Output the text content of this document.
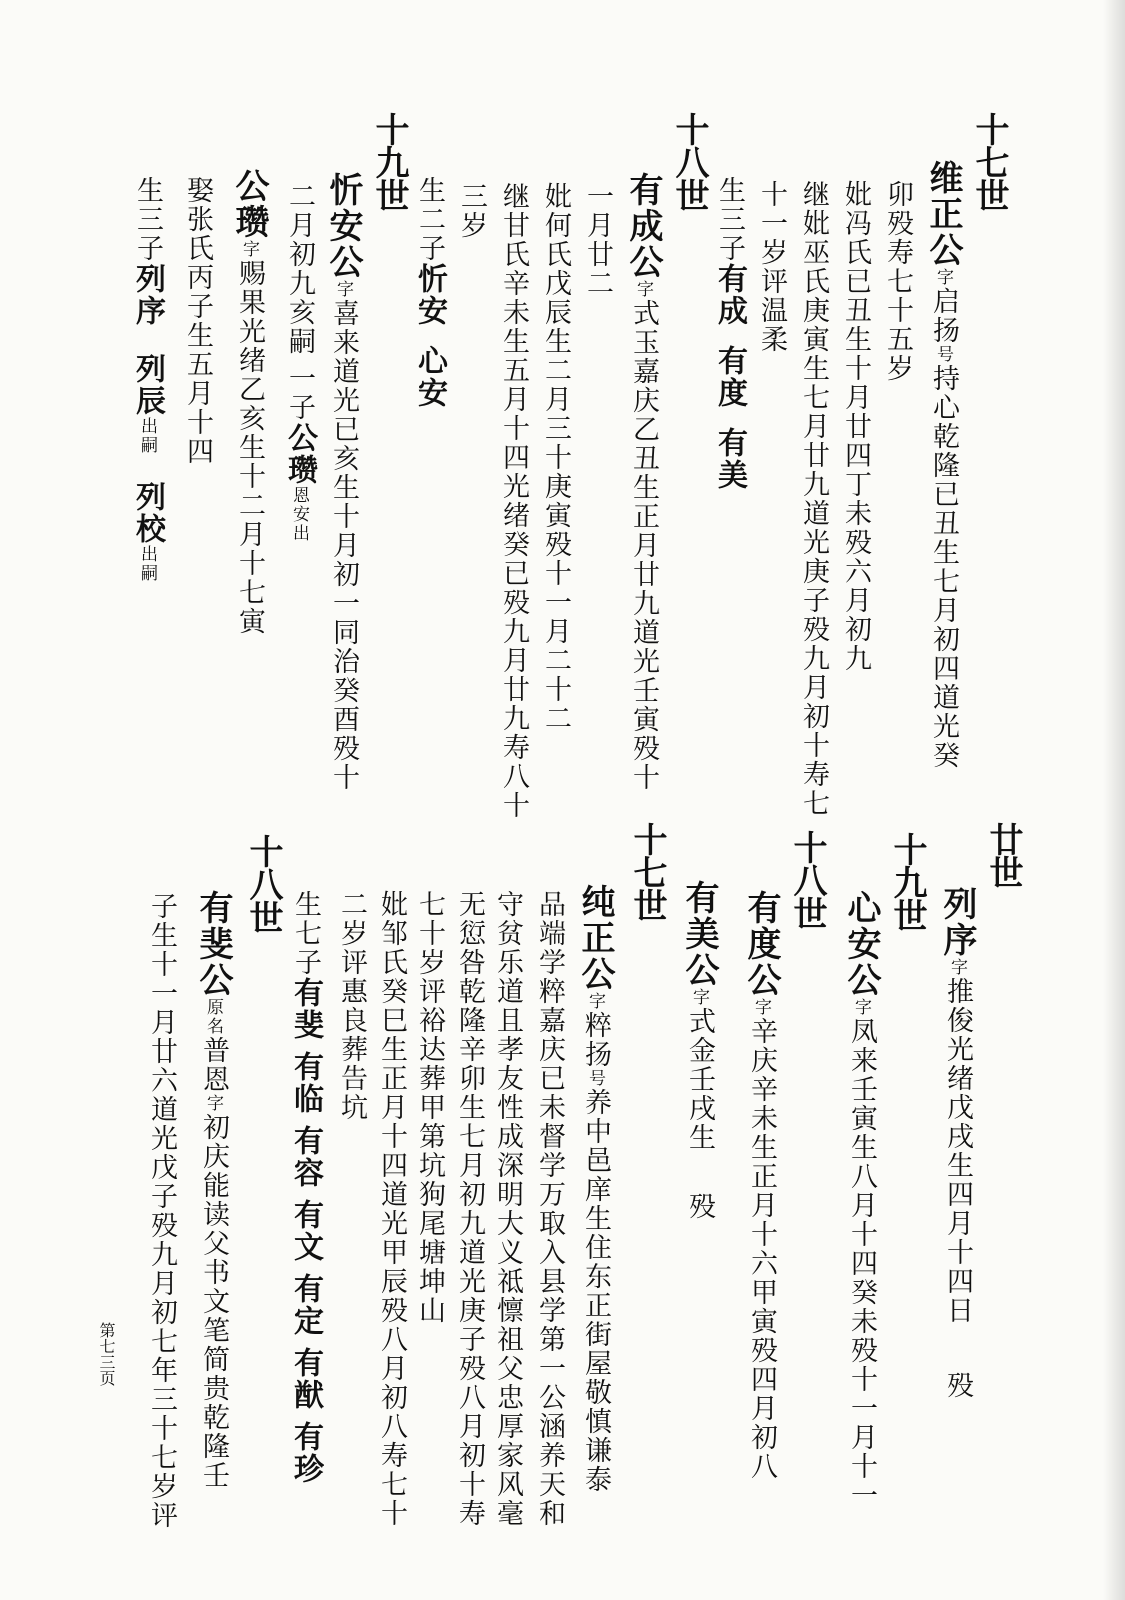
十七世
维正公字启扬号持心乾隆已丑生七月初四道光癸
卯殁寿七十五岁
妣冯氏已丑生十月廿四丁未殁六月初九
继妣巫氏庚寅生七月廿九道光庚子殁九月初十寿七
十一岁评温柔
生三子有成有度有美
十八世
有成公字式玉嘉庆乙丑生正月廿九道光壬寅殁十
一月廿二
妣何氏戊辰生二月三十庚寅殁十一月二十二
继甘氏辛未生五月十四光绪癸已殁九月廿九寿八十
三岁
生二子忻安心安
十九世
忻安公字喜来道光已亥生十月初一同治癸酉殁十
二月初九亥嗣一子公瓒恩安出
公瓒字赐果光绪乙亥生十二月十七寅
娶张氏丙子生五月十四
生三子列序列辰出嗣列校出嗣
廿世
列序字推俊光绪戊戌生四月十四日殁
十九世
心安公字凤来壬寅生八月十四癸未殁十一月十一
十八世
有度公字辛庆辛未生正月十六甲寅殁四月初八
有美公字式金壬戌生殁
十七世
纯正公字粹扬号养中邑庠生住东正街屋敬慎谦泰
品端学粹嘉庆已未督学万取入县学第一公涵养天和
守贫乐道且孝友性成深明大义祗懔祖父忠厚家风毫
无愆咎乾隆辛卯生七月初九道光庚子殁八月初十寿
七十岁评裕达葬甲第坑狗尾塘坤山
妣邹氏癸巳生正月十四道光甲辰殁八月初八寿七十
二岁评惠良葬告坑
生七子有斐有临有容有文有定有猷有珍
十八世
有斐公原名普恩字初庆能读父书文笔简贵乾隆壬
子生十一月廿六道光戊子殁九月初七年三十七岁评
第七三页
